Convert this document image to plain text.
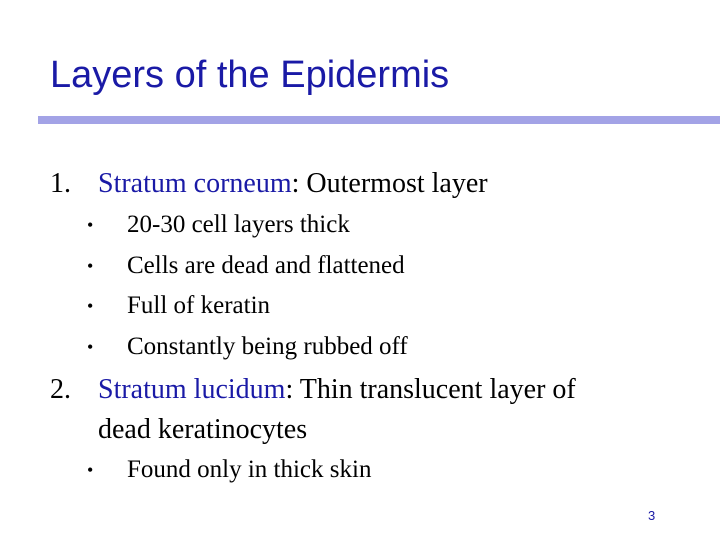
Layers of the Epidermis
1. Stratum corneum: Outermost layer
• 20-30 cell layers thick
• Cells are dead and flattened
• Full of keratin
• Constantly being rubbed off
2. Stratum lucidum: Thin translucent layer of
dead keratinocytes
• Found only in thick skin
3
